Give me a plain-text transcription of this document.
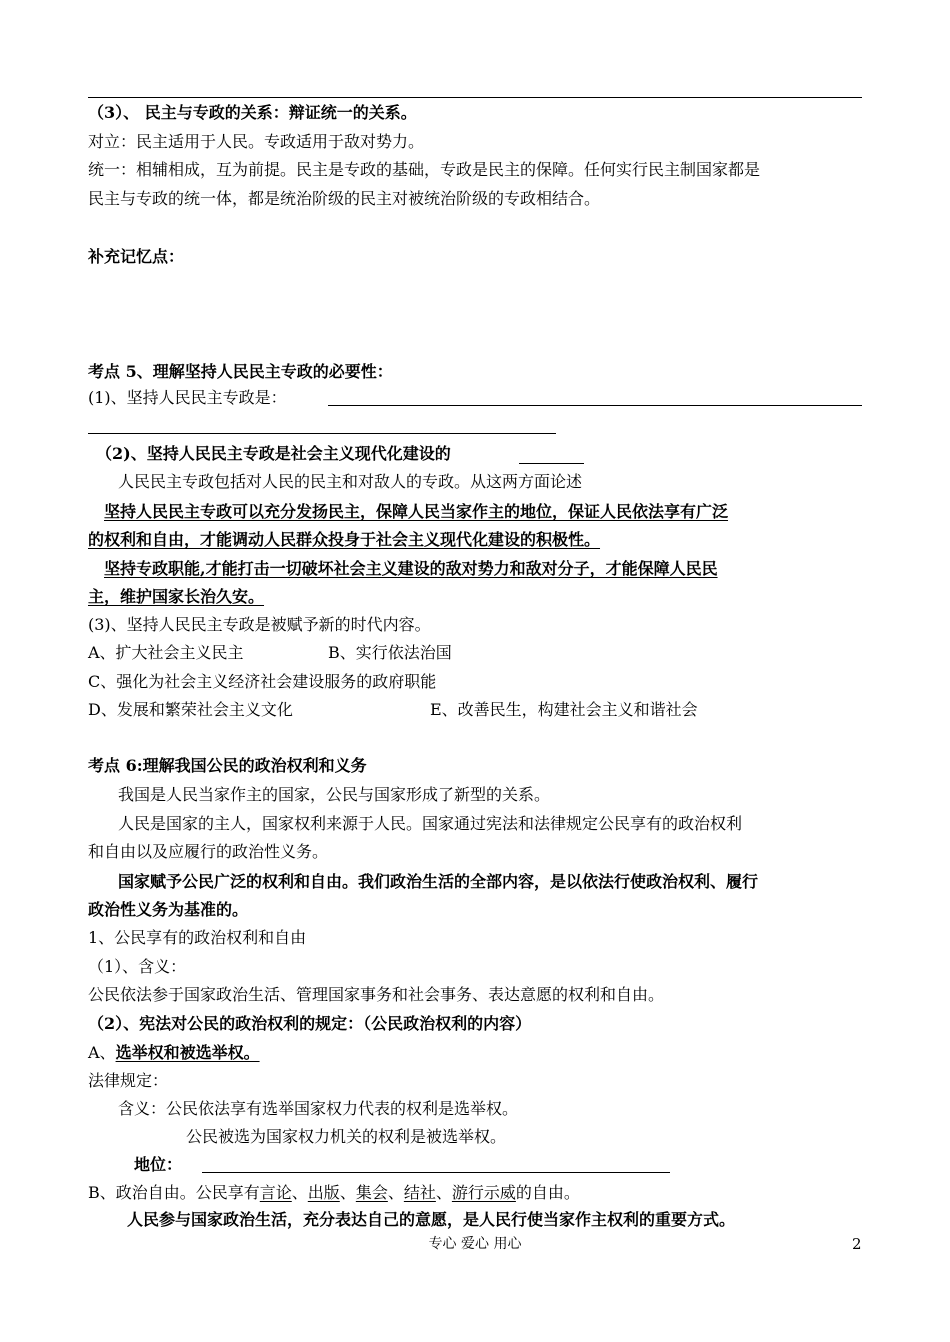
（3）、 民主与专政的关系：辩证统一的关系。
对立：民主适用于人民。专政适用于敌对势力。
统一：相辅相成，互为前提。民主是专政的基础，专政是民主的保障。任何实行民主制国家都是
民主与专政的统一体，都是统治阶级的民主对被统治阶级的专政相结合。
补充记忆点：
考点 5、理解坚持人民民主专政的必要性：
(1)、坚持人民民主专政是：
（2)、坚持人民民主专政是社会主义现代化建设的
人民民主专政包括对人民的民主和对敌人的专政。从这两方面论述
坚持人民民主专政可以充分发扬民主，保障人民当家作主的地位，保证人民依法享有广泛
的权利和自由，才能调动人民群众投身于社会主义现代化建设的积极性。
坚持专政职能,才能打击一切破坏社会主义建设的敌对势力和敌对分子，才能保障人民民
主，维护国家长治久安。
(3)、坚持人民民主专政是被赋予新的时代内容。
A、扩大社会主义民主	B、实行依法治国
C、强化为社会主义经济社会建设服务的政府职能
D、发展和繁荣社会主义文化	E、改善民生，构建社会主义和谐社会
考点 6:理解我国公民的政治权利和义务
我国是人民当家作主的国家，公民与国家形成了新型的关系。
人民是国家的主人，国家权利来源于人民。国家通过宪法和法律规定公民享有的政治权利
和自由以及应履行的政治性义务。
国家赋予公民广泛的权利和自由。我们政治生活的全部内容，是以依法行使政治权利、履行
政治性义务为基准的。
1、公民享有的政治权利和自由
（1）、含义：
公民依法参于国家政治生活、管理国家事务和社会事务、表达意愿的权利和自由。
（2）、宪法对公民的政治权利的规定：（公民政治权利的内容）
A、选举权和被选举权。
法律规定：
含义：公民依法享有选举国家权力代表的权利是选举权。
公民被选为国家权力机关的权利是被选举权。
地位：
B、政治自由。公民享有言论、出版、集会、结社、游行示威的自由。
人民参与国家政治生活，充分表达自己的意愿，是人民行使当家作主权利的重要方式。
专心 爱心 用心	2
